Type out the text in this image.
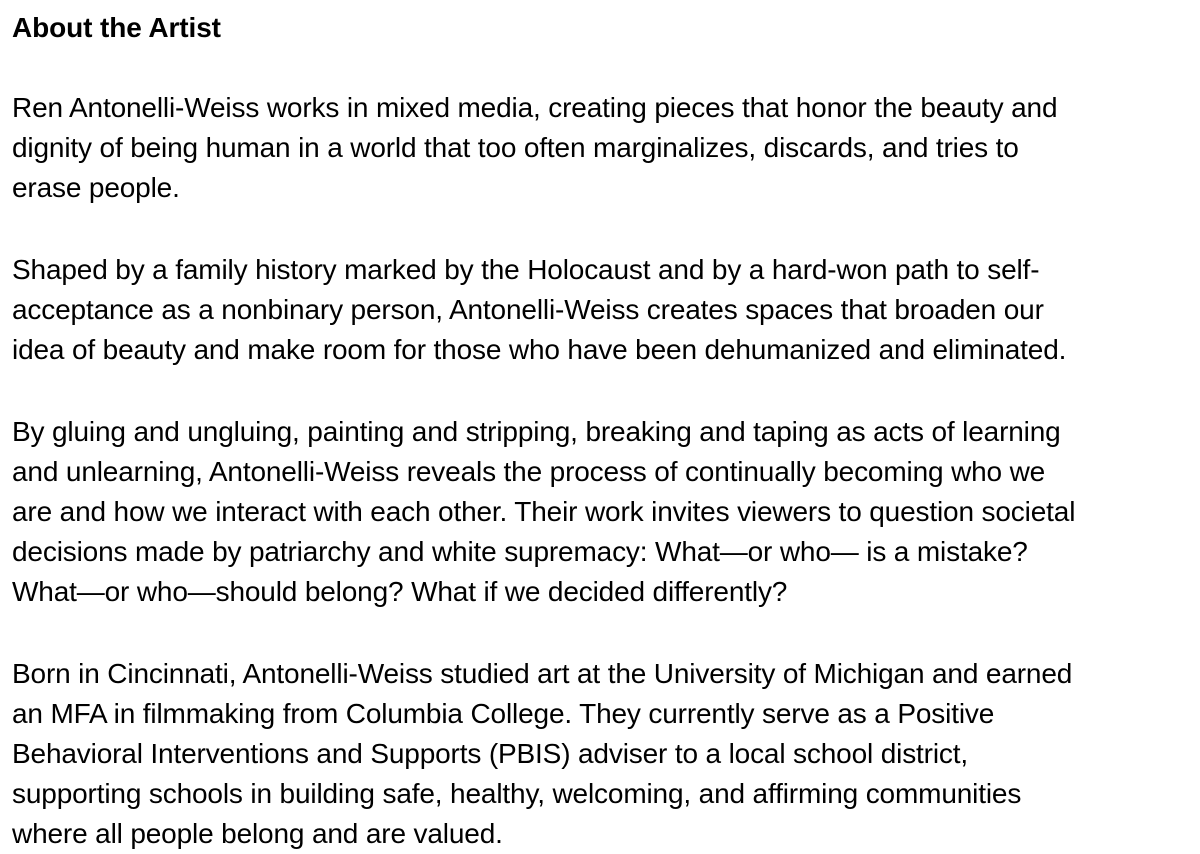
About the Artist

Ren Antonelli-Weiss works in mixed media, creating pieces that honor the beauty and
dignity of being human in a world that too often marginalizes, discards, and tries to
erase people.

Shaped by a family history marked by the Holocaust and by a hard-won path to self-
acceptance as a nonbinary person, Antonelli-Weiss creates spaces that broaden our
idea of beauty and make room for those who have been dehumanized and eliminated.

By gluing and ungluing, painting and stripping, breaking and taping as acts of learning
and unlearning, Antonelli-Weiss reveals the process of continually becoming who we
are and how we interact with each other. Their work invites viewers to question societal
decisions made by patriarchy and white supremacy: What—or who— is a mistake?
What—or who—should belong? What if we decided differently?

Born in Cincinnati, Antonelli-Weiss studied art at the University of Michigan and earned
an MFA in filmmaking from Columbia College. They currently serve as a Positive
Behavioral Interventions and Supports (PBIS) adviser to a local school district,
supporting schools in building safe, healthy, welcoming, and affirming communities
where all people belong and are valued.
